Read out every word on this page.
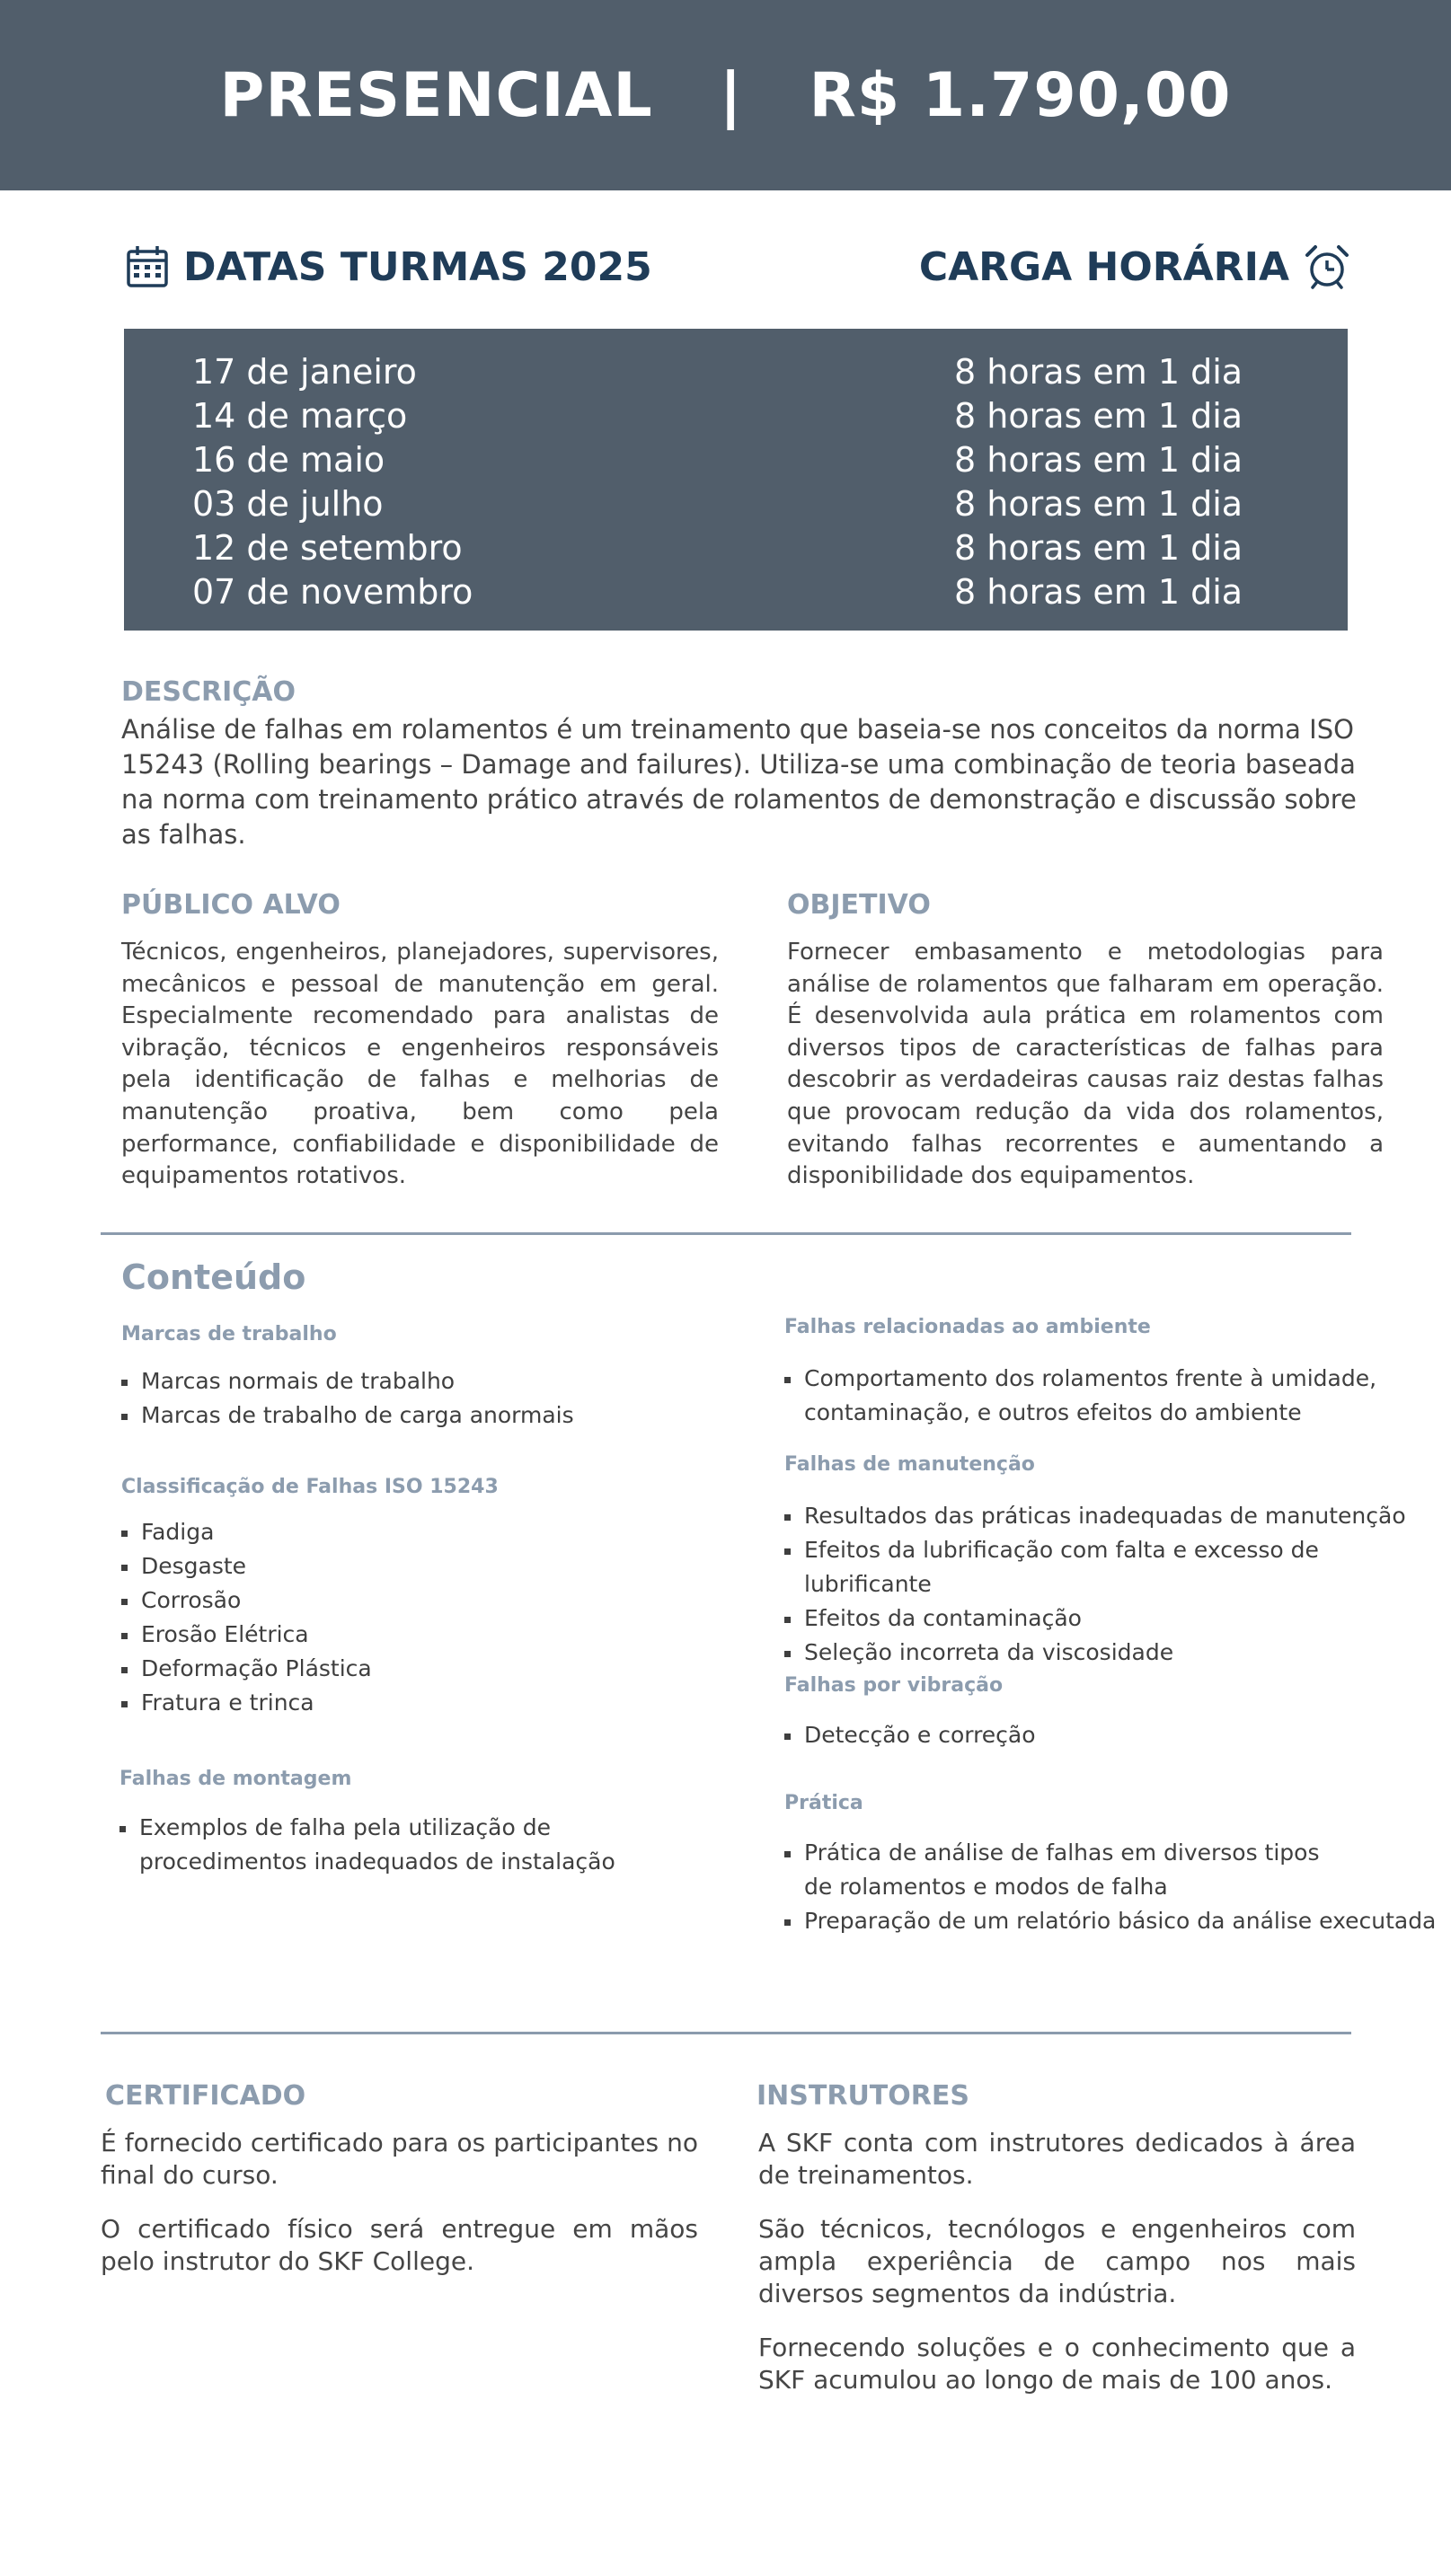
PRESENCIAL   |   R$ 1.790,00
DATAS TURMAS 2025	CARGA HORÁRIA
17 de janeiro	8 horas em 1 dia
14 de março	8 horas em 1 dia
16 de maio	8 horas em 1 dia
03 de julho	8 horas em 1 dia
12 de setembro	8 horas em 1 dia
07 de novembro	8 horas em 1 dia
DESCRIÇÃO
Análise de falhas em rolamentos é um treinamento que baseia-se nos conceitos da norma ISO 15243 (Rolling bearings – Damage and failures). Utiliza-se uma combinação de teoria baseada na norma com treinamento prático através de rolamentos de demonstração e discussão sobre as falhas.
PÚBLICO ALVO
Técnicos, engenheiros, planejadores, supervisores, mecânicos e pessoal de manutenção em geral. Especialmente recomendado para analistas de vibração, técnicos e engenheiros responsáveis pela identificação de falhas e melhorias de manutenção proativa, bem como pela performance, confiabilidade e disponibilidade de equipamentos rotativos.
OBJETIVO
Fornecer embasamento e metodologias para análise de rolamentos que falharam em operação. É desenvolvida aula prática em rolamentos com diversos tipos de características de falhas para descobrir as verdadeiras causas raiz destas falhas que provocam redução da vida dos rolamentos, evitando falhas recorrentes e aumentando a disponibilidade dos equipamentos.
Conteúdo
Marcas de trabalho
Marcas normais de trabalho
Marcas de trabalho de carga anormais
Classificação de Falhas ISO 15243
Fadiga
Desgaste
Corrosão
Erosão Elétrica
Deformação Plástica
Fratura e trinca
Falhas de montagem
Exemplos de falha pela utilização de
procedimentos inadequados de instalação
Falhas relacionadas ao ambiente
Comportamento dos rolamentos frente à umidade,
contaminação, e outros efeitos do ambiente
Falhas de manutenção
Resultados das práticas inadequadas de manutenção
Efeitos da lubrificação com falta e excesso de lubrificante
Efeitos da contaminação
Seleção incorreta da viscosidade
Falhas por vibração
Detecção e correção
Prática
Prática de análise de falhas em diversos tipos
de rolamentos e modos de falha
Preparação de um relatório básico da análise executada
CERTIFICADO

É fornecido certificado para os participantes no final do curso.

O certificado físico será entregue em mãos pelo instrutor do SKF College.

INSTRUTORES

A SKF conta com instrutores dedicados à área de treinamentos.

São técnicos, tecnólogos e engenheiros com ampla experiência de campo nos mais diversos segmentos da indústria.

Fornecendo soluções e o conhecimento que a SKF acumulou ao longo de mais de 100 anos.
